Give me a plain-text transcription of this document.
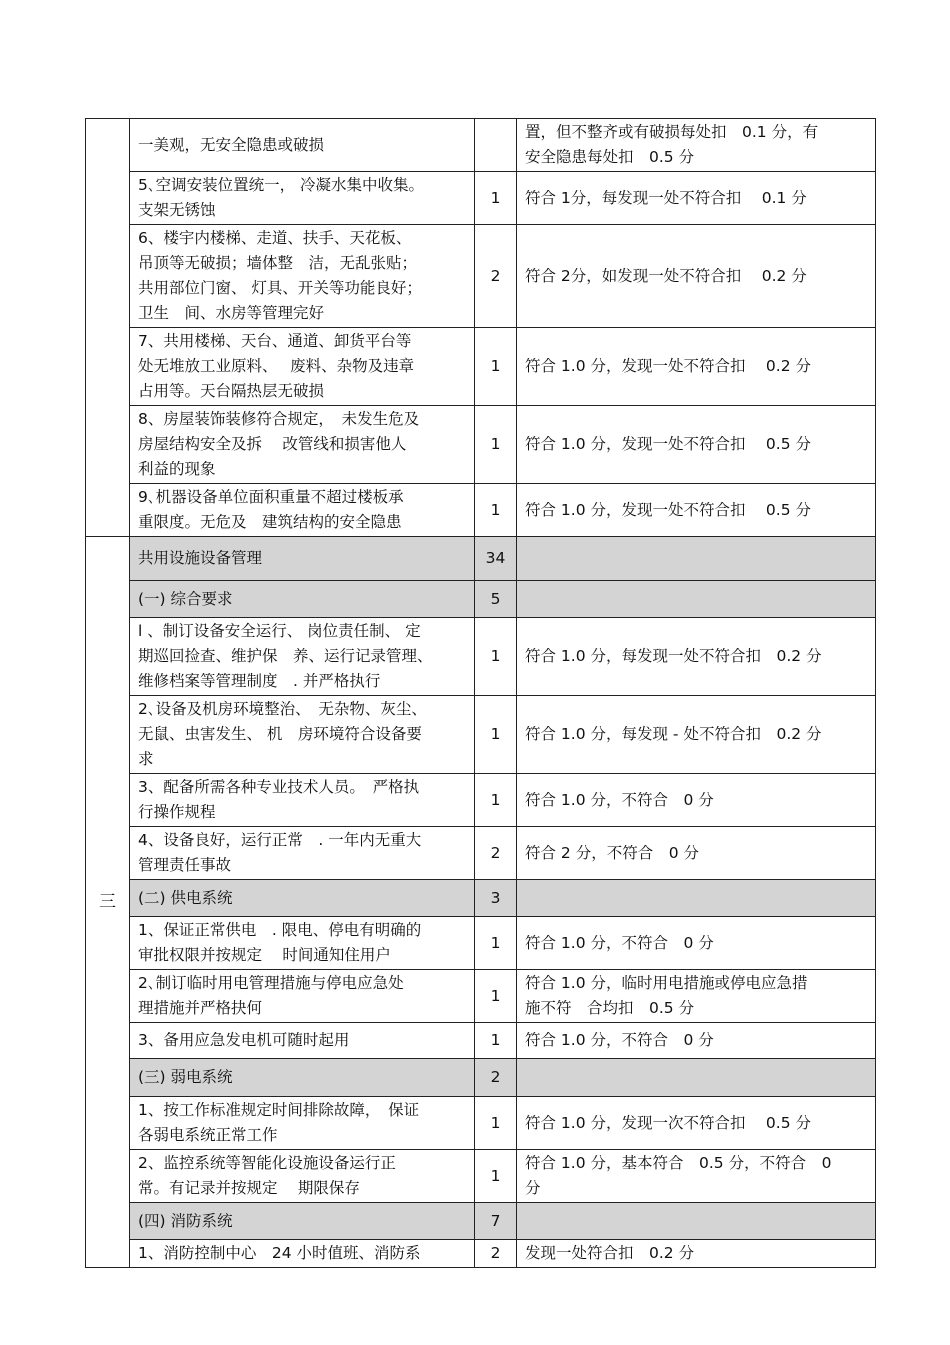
	一美观，无安全隐患或破损		置，但不整齐或有破损每处扣　0.1 分，有
安全隐患每处扣　0.5 分

	5､空调安装位置统一， 冷凝水集中收集。
支架无锈蚀	1	符合 1分，每发现一处不符合扣　 0.1 分

	6、楼宇内楼梯、走道、扶手、天花板、
吊顶等无破损；墙体整　洁，无乱张贴；
共用部位门窗、 灯具、开关等功能良好；
卫生　间、水房等管理完好	2	符合 2分，如发现一处不符合扣　 0.2 分

	7、共用楼梯、天台、通道、卸货平台等
处无堆放工业原料、　 废料、杂物及违章
占用等。天台隔热层无破损	1	符合 1.0 分，发现一处不符合扣　 0.2 分

	8、房屋装饰装修符合规定，　未发生危及
房屋结构安全及拆　 改管线和损害他人
利益的现象	1	符合 1.0 分，发现一处不符合扣　 0.5 分

	9､机器设备单位面积重量不超过楼板承
重限度。无危及　建筑结构的安全隐患	1	符合 1.0 分，发现一处不符合扣　 0.5 分

三	共用设施设备管理	34	

	(一) 综合要求	5	

	l 、制订设备安全运行、 岗位责任制、 定
期巡回捡查、维护保　养、运行记录管理、
维修档案等管理制度　. 并严格执行	1	符合 1.0 分，每发现一处不符合扣　0.2 分

	2､设备及机房环境整治、　无杂物、灰尘、
无鼠、虫害发生、 机　房环境符合设备要
求	1	符合 1.0 分，每发现 - 处不符合扣　0.2 分

	3、配备所需各种专业技术人员。　严格执
行操作规程	1	符合 1.0 分，不符合　0 分

	4、设备良好，运行正常　. 一年内无重大
管理责任事故	2	符合 2 分，不符合　0 分

	(二) 供电系统	3	

	1、保证正常供电　. 限电、停电有明确的
审批权限并按规定　 时间通知住用户	1	符合 1.0 分，不符合　0 分

	2､制订临时用电管理措施与停电应急处
理措施并严格抉何	1	符合 1.0 分，临时用电措施或停电应急措
施不符　合均扣　0.5 分

	3、备用应急发电机可随时起用	1	符合 1.0 分，不符合　0 分

	(三) 弱电系统	2	

	1、按工作标准规定时间排除故障，　保证
各弱电系统正常工作	1	符合 1.0 分，发现一次不符合扣　 0.5 分

	2、监控系统等智能化设施设备运行正
常。有记录并按规定　 期限保存	1	符合 1.0 分，基本符合　0.5 分，不符合　0
分

	(四) 消防系统	7	

	1、消防控制中心　24 小时值班、消防系	2	发现一处符合扣　0.2 分
